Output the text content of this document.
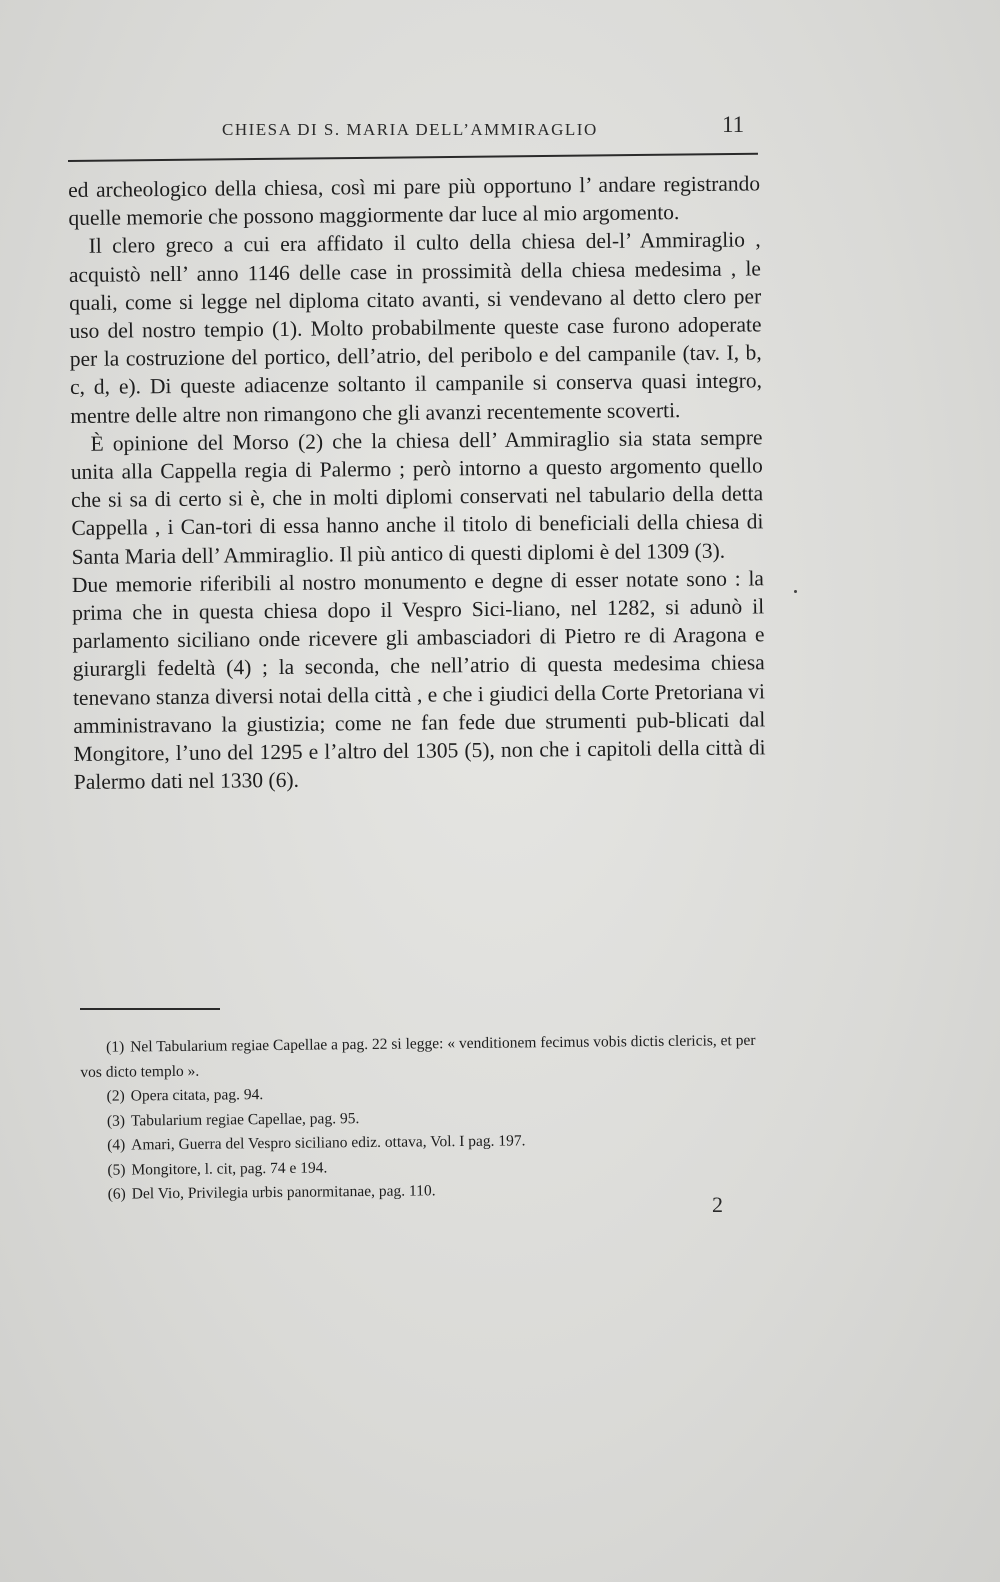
CHIESA DI S. MARIA DELL’AMMIRAGLIO	11

ed archeologico della chiesa, così mi pare più opportuno l’ andare registrando quelle memorie che possono maggiormente dar luce al mio argomento.

Il clero greco a cui era affidato il culto della chiesa del-l’ Ammiraglio , acquistò nell’ anno 1146 delle case in prossimità della chiesa medesima , le quali, come si legge nel diploma citato avanti, si vendevano al detto clero per uso del nostro tempio (1). Molto probabilmente queste case furono adoperate per la costruzione del portico, dell’atrio, del peribolo e del campanile (tav. I, b, c, d, e). Di queste adiacenze soltanto il campanile si conserva quasi integro, mentre delle altre non rimangono che gli avanzi recentemente scoverti.

È opinione del Morso (2) che la chiesa dell’ Ammiraglio sia stata sempre unita alla Cappella regia di Palermo ; però intorno a questo argomento quello che si sa di certo si è, che in molti diplomi conservati nel tabulario della detta Cappella , i Can-tori di essa hanno anche il titolo di beneficiali della chiesa di Santa Maria dell’ Ammiraglio. Il più antico di questi diplomi è del 1309 (3).

Due memorie riferibili al nostro monumento e degne di esser notate sono : la prima che in questa chiesa dopo il Vespro Sici-liano, nel 1282, si adunò il parlamento siciliano onde ricevere gli ambasciadori di Pietro re di Aragona e giurargli fedeltà (4) ; la seconda, che nell’atrio di questa medesima chiesa tenevano stanza diversi notai della città , e che i giudici della Corte Pretoriana vi amministravano la giustizia; come ne fan fede due strumenti pub-blicati dal Mongitore, l’uno del 1295 e l’altro del 1305 (5), non che i capitoli della città di Palermo dati nel 1330 (6).

(1) Nel Tabularium regiae Capellae a pag. 22 si legge: « venditionem fecimus vobis dictis clericis, et per vos dicto templo ».

(2) Opera citata, pag. 94.

(3) Tabularium regiae Capellae, pag. 95.

(4) Amari, Guerra del Vespro siciliano ediz. ottava, Vol. I pag. 197.

(5) Mongitore, l. cit, pag. 74 e 194.

(6) Del Vio, Privilegia urbis panormitanae, pag. 110.	2
